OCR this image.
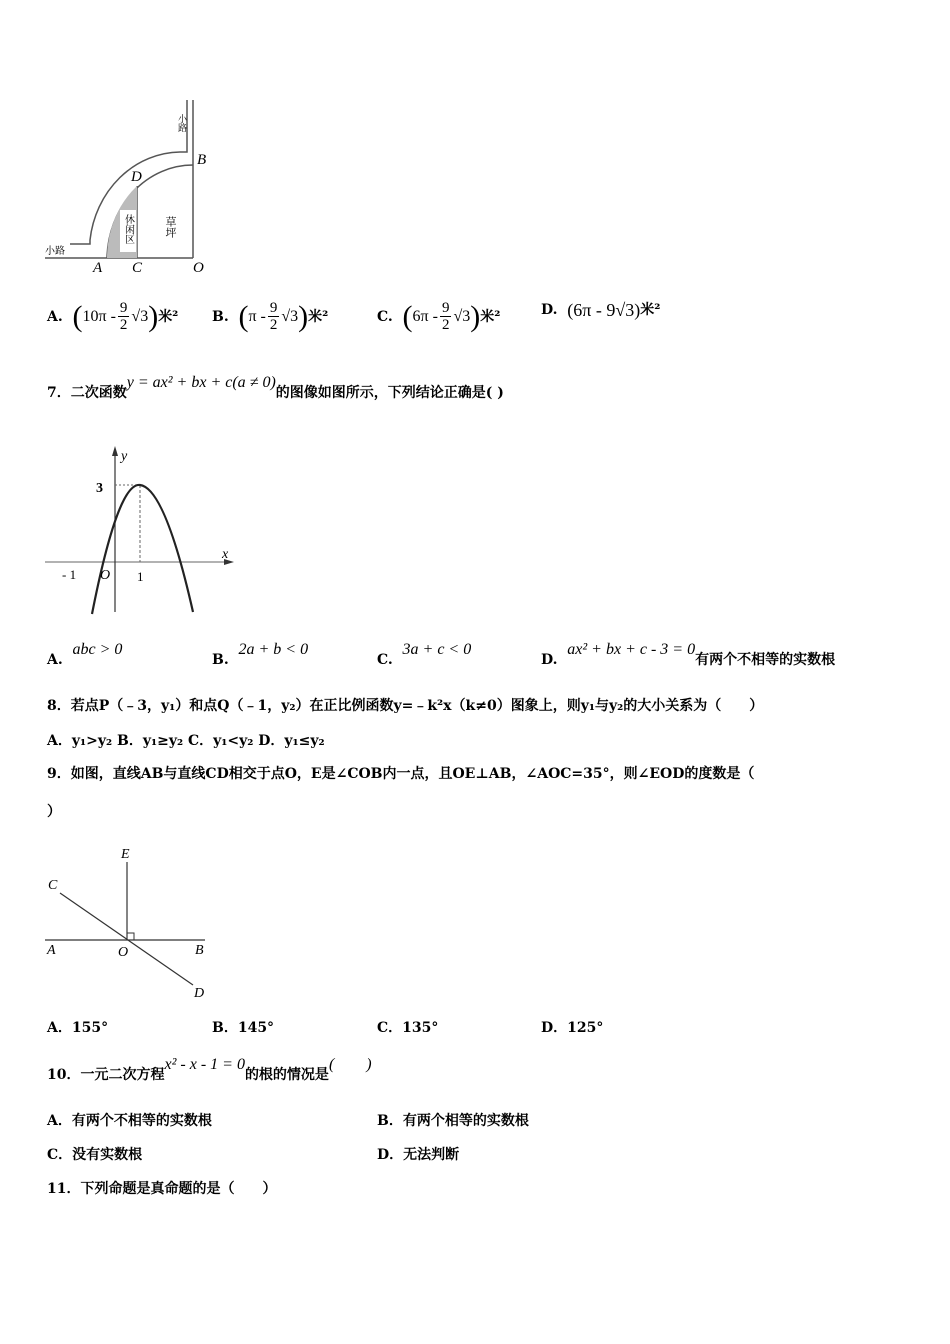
B
D
A C	O
小路
小路
休闲区	草坪
A.
( $10\pi - \frac{9}{2} √3$ ) 米² B.
( π - $\frac{9}{2} √3$ ) 米²	C.
( $6\pi - \frac{9}{2} √3$ ) 米²	D.
(6π - 9√3) 米²
7．二次函数y = ax² + bx + c(a ≠ 0)的图像如图所示，下列结论正确是( )
y
x
3
- 1 O 1
A.  abc > 0
B.  2a + b < 0
C.  3a + c < 0
D.  ax² + bx + c - 3 = 0有两个不相等的实数根
8．若点P（﹣3，y₁）和点Q（﹣1，y₂）在正比例函数y=﹣k²x（k≠0）图象上，则y₁与y₂的大小关系为（　　）
A．y₁>y₂ B．y₁≥y₂ C．y₁<y₂ D．y₁≤y₂
9．如图，直线AB与直线CD相交于点O，E是∠COB内一点，且OE⊥AB，∠AOC=35°，则∠EOD的度数是（
）
E
C
A	O	B
D
A．155°	B．145°	C．135°	D．125°
10．一元二次方程x² - x - 1 = 0的根的情况是(　　)
A．有两个不相等的实数根	B．有两个相等的实数根
C．没有实数根	D．无法判断
11．下列命题是真命题的是（　　）
